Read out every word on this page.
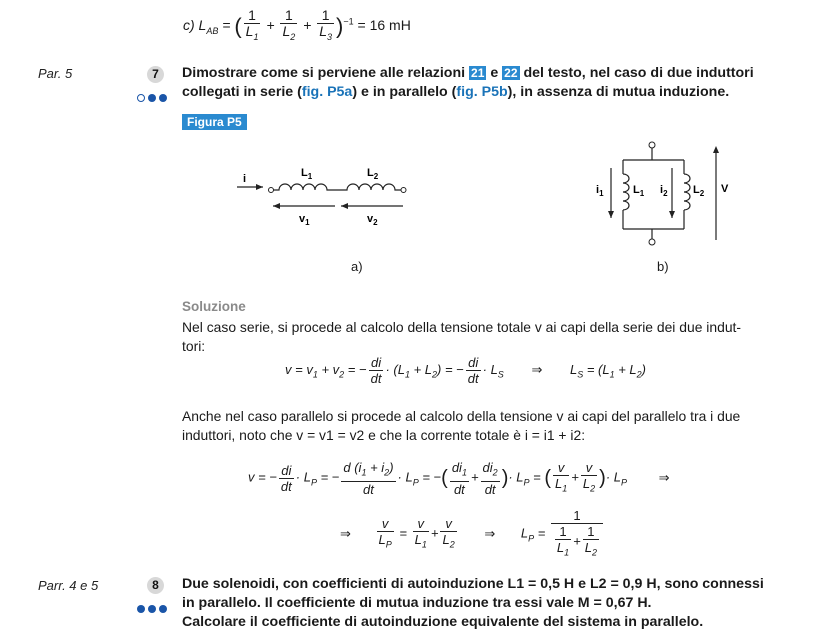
c) $L_{AB}$ = ( $\frac{1}{L_1} + \frac{1}{L_2} + \frac{1}{L_3} )^{-1} = 16$ mH
Par. 5	7	Dimostrare come si perviene alle relazioni 21 e 22 del testo, nel caso di due induttori
collegati in serie (fig. P5a) e in parallelo (fig. P5b), in assenza di mutua induzione.
Figura P5
i	$L_1$	$L_2$
$v_1$	$v_2$
a)
$i_1$	$L_1$ $i_2$ $L_2$ V
b)
Soluzione
Nel caso serie, si procede al calcolo della tensione totale v ai capi della serie dei due indut-
tori:
$v = v_1 + v_2$ = − $\frac{di}{dt} \cdot (L_1 + L_2)$ = − $\frac{di}{dt} \cdot L_S$ ⇒ $L_S = (L_1 + L_2)$
Anche nel caso parallelo si procede al calcolo della tensione v ai capi del parallelo tra i due
induttori, noto che v = v1 = v2 e che la corrente totale è i = i1 + i2:
v = − $\frac{di}{dt} \cdot L_P$ = − $\frac{d (i_1 + i_2)}{dt} \cdot L_P$ = −( $\frac{di_1}{dt} + \frac{di_2}{dt}$ )· $L_P$ = ( $\frac{v}{L_1} + \frac{v}{L_2}$ )· $L_P$ ⇒
⇒ $\frac{v}{L_P} = \frac{v}{L_1} + \frac{v}{L_2}$ ⇒ $L_P = \frac{1}{\frac{1}{L_1} + \frac{1}{L_2}}$
Parr. 4 e 5	8	Due solenoidi, con coefficienti di autoinduzione L1 = 0,5 H e L2 = 0,9 H, sono connessi
in parallelo. Il coefficiente di mutua induzione tra essi vale M = 0,67 H.
Calcolare il coefficiente di autoinduzione equivalente del sistema in parallelo.
